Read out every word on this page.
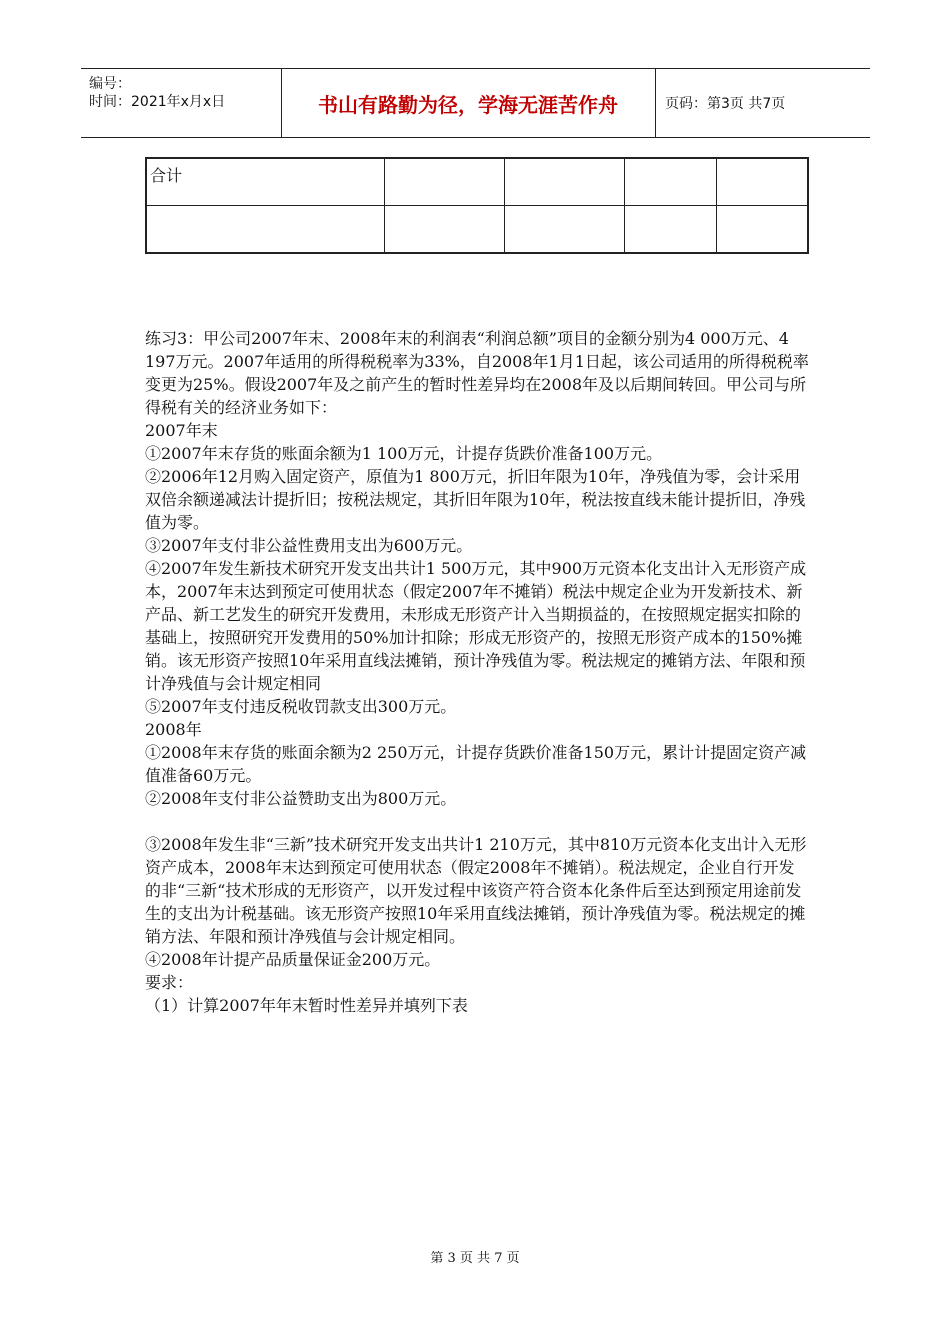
编号：
时间：2021年x月x日	书山有路勤为径，学海无涯苦作舟	页码：第3页 共7页
合计				

练习3：甲公司2007年末、2008年末的利润表“利润总额”项目的金额分别为4 000万元、4 197万元。2007年适用的所得税税率为33%，自2008年1月1日起，该公司适用的所得税税率变更为25%。假设2007年及之前产生的暂时性差异均在2008年及以后期间转回。甲公司与所得税有关的经济业务如下：

2007年末

①2007年末存货的账面余额为1 100万元，计提存货跌价准备100万元。

②2006年12月购入固定资产，原值为1 800万元，折旧年限为10年，净残值为零，会计采用双倍余额递减法计提折旧；按税法规定，其折旧年限为10年，税法按直线未能计提折旧，净残值为零。

③2007年支付非公益性费用支出为600万元。

④2007年发生新技术研究开发支出共计1 500万元，其中900万元资本化支出计入无形资产成本，2007年末达到预定可使用状态（假定2007年不摊销）税法中规定企业为开发新技术、新产品、新工艺发生的研究开发费用，未形成无形资产计入当期损益的，在按照规定据实扣除的基础上，按照研究开发费用的50%加计扣除；形成无形资产的，按照无形资产成本的150%摊销。该无形资产按照10年采用直线法摊销，预计净残值为零。税法规定的摊销方法、年限和预计净残值与会计规定相同

⑤2007年支付违反税收罚款支出300万元。

2008年

①2008年末存货的账面余额为2 250万元，计提存货跌价准备150万元，累计计提固定资产减值准备60万元。

②2008年支付非公益赞助支出为800万元。

③2008年发生非“三新”技术研究开发支出共计1 210万元，其中810万元资本化支出计入无形资产成本，2008年末达到预定可使用状态（假定2008年不摊销）。税法规定，企业自行开发的非“三新“技术形成的无形资产，以开发过程中该资产符合资本化条件后至达到预定用途前发生的支出为计税基础。该无形资产按照10年采用直线法摊销，预计净残值为零。税法规定的摊销方法、年限和预计净残值与会计规定相同。

④2008年计提产品质量保证金200万元。

要求：

（1）计算2007年年末暂时性差异并填列下表

第 3 页 共 7 页
